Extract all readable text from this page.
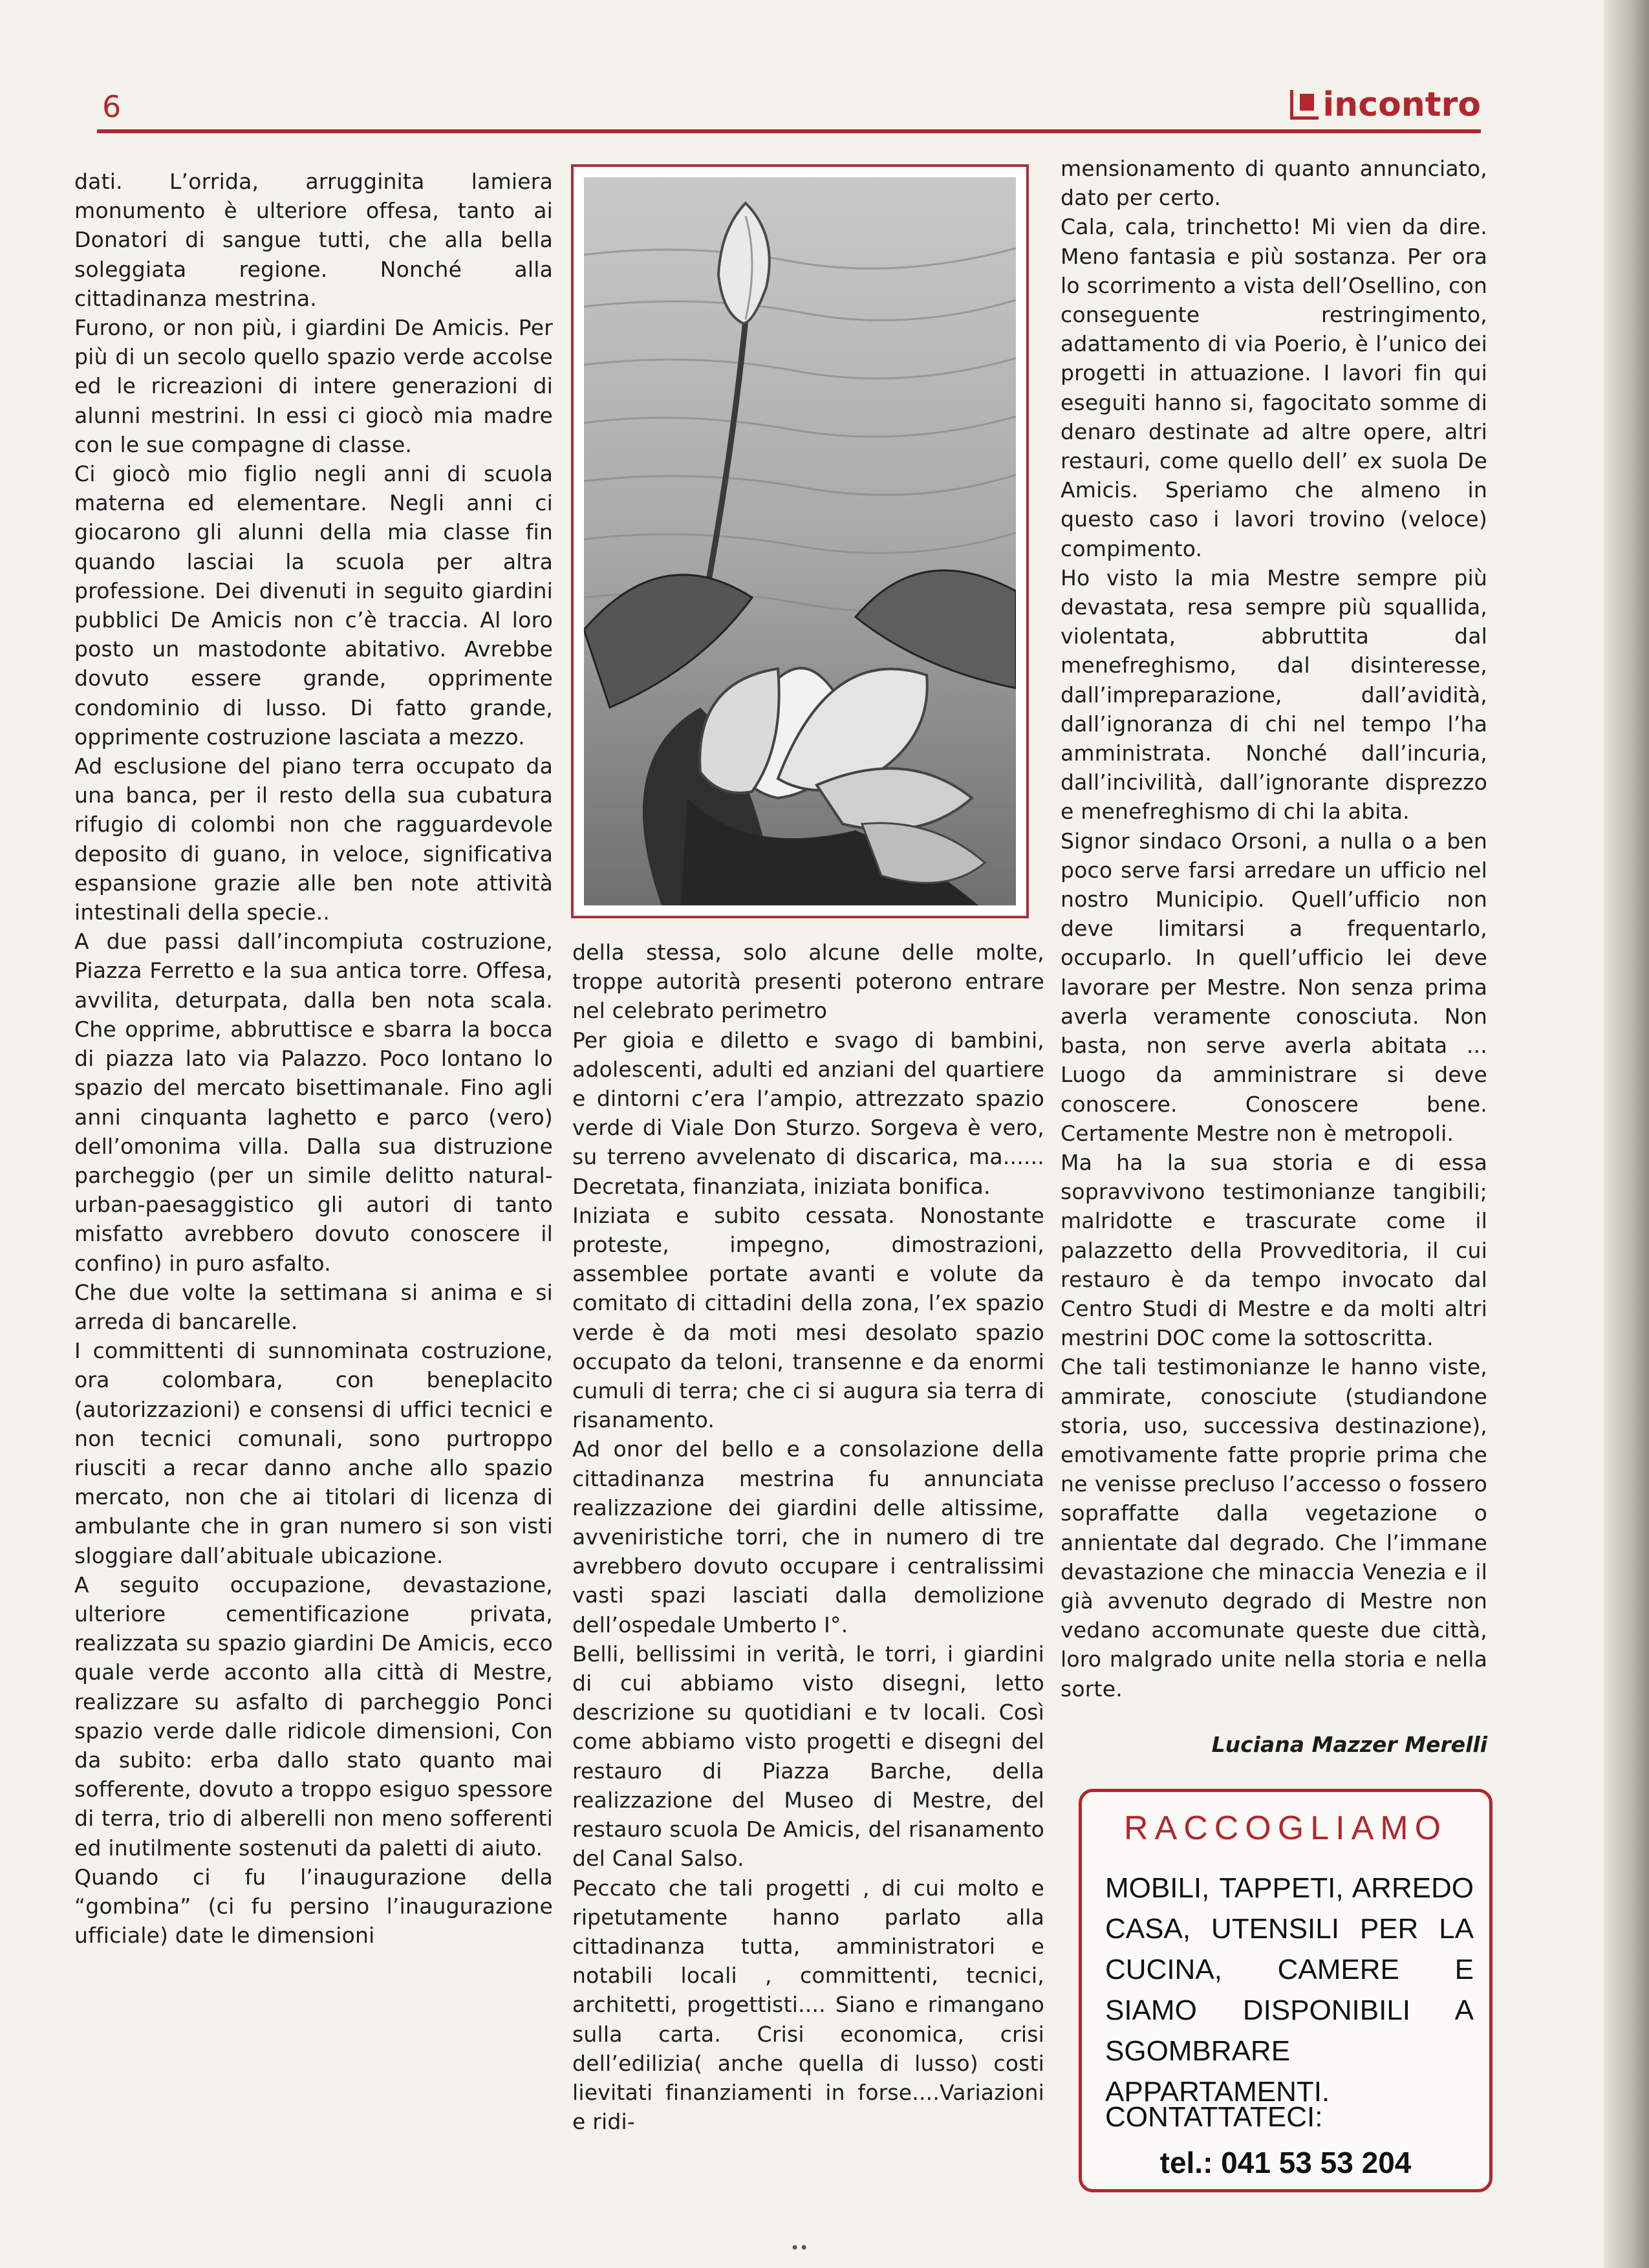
6	incontro

dati. L’orrida, arrugginita lamiera monumento è ulteriore offesa, tanto ai Donatori di sangue tutti, che alla bella soleggiata regione. Nonché alla cittadinanza mestrina.

Furono, or non più, i giardini De Amicis. Per più di un secolo quello spazio verde accolse ed le ricreazioni di intere generazioni di alunni mestrini. In essi ci giocò mia madre con le sue compagne di classe.

Ci giocò mio figlio negli anni di scuola materna ed elementare. Negli anni ci giocarono gli alunni della mia classe fin quando lasciai la scuola per altra professione. Dei divenuti in seguito giardini pubblici De Amicis non c’è traccia. Al loro posto un mastodonte abitativo. Avrebbe dovuto essere grande, opprimente condominio di lusso. Di fatto grande, opprimente costruzione lasciata a mezzo.

Ad esclusione del piano terra occupato da una banca, per il resto della sua cubatura rifugio di colombi non che ragguardevole deposito di guano, in veloce, significativa espansione grazie alle ben note attività intestinali della specie..

A due passi dall’incompiuta costruzione, Piazza Ferretto e la sua antica torre. Offesa, avvilita, deturpata, dalla ben nota scala. Che opprime, abbruttisce e sbarra la bocca di piazza lato via Palazzo. Poco lontano lo spazio del mercato bisettimanale. Fino agli anni cinquanta laghetto e parco (vero) dell’omonima villa. Dalla sua distruzione parcheggio (per un simile delitto natural-urban-paesaggistico gli autori di tanto misfatto avrebbero dovuto conoscere il confino) in puro asfalto.

Che due volte la settimana si anima e si arreda di bancarelle.

I committenti di sunnominata costruzione, ora colombara, con beneplacito (autorizzazioni) e consensi di uffici tecnici e non tecnici comunali, sono purtroppo riusciti a recar danno anche allo spazio mercato, non che ai titolari di licenza di ambulante che in gran numero si son visti sloggiare dall’abituale ubicazione.

A seguito occupazione, devastazione, ulteriore cementificazione privata, realizzata su spazio giardini De Amicis, ecco quale verde acconto alla città di Mestre, realizzare su asfalto di parcheggio Ponci spazio verde dalle ridicole dimensioni, Con da subito: erba dallo stato quanto mai sofferente, dovuto a troppo esiguo spessore di terra, trio di alberelli non meno sofferenti ed inutilmente sostenuti da paletti di aiuto.

Quando ci fu l’inaugurazione della “gombina” (ci fu persino l’inaugurazione ufficiale) date le dimensioni

della stessa, solo alcune delle molte, troppe autorità presenti poterono entrare nel celebrato perimetro

Per gioia e diletto e svago di bambini, adolescenti, adulti ed anziani del quartiere e dintorni c’era l’ampio, attrezzato spazio verde di Viale Don Sturzo. Sorgeva è vero, su terreno avvelenato di discarica, ma...... Decretata, finanziata, iniziata bonifica.

Iniziata e subito cessata. Nonostante proteste, impegno, dimostrazioni, assemblee portate avanti e volute da comitato di cittadini della zona, l’ex spazio verde è da moti mesi desolato spazio occupato da teloni, transenne e da enormi cumuli di terra; che ci si augura sia terra di risanamento.

Ad onor del bello e a consolazione della cittadinanza mestrina fu annunciata realizzazione dei giardini delle altissime, avveniristiche torri, che in numero di tre avrebbero dovuto occupare i centralissimi vasti spazi lasciati dalla demolizione dell’ospedale Umberto I°.

Belli, bellissimi in verità, le torri, i giardini di cui abbiamo visto disegni, letto descrizione su quotidiani e tv locali. Così come abbiamo visto progetti e disegni del restauro di Piazza Barche, della realizzazione del Museo di Mestre, del restauro scuola De Amicis, del risanamento del Canal Salso.

Peccato che tali progetti , di cui molto e ripetutamente hanno parlato alla cittadinanza tutta, amministratori e notabili locali , committenti, tecnici, architetti, progettisti.... Siano e rimangano sulla carta. Crisi economica, crisi dell’edilizia( anche quella di lusso) costi lievitati finanziamenti in forse....Variazioni e ridi-

mensionamento di quanto annunciato, dato per certo.

Cala, cala, trinchetto! Mi vien da dire. Meno fantasia e più sostanza. Per ora lo scorrimento a vista dell’Osellino, con conseguente restringimento, adattamento di via Poerio, è l’unico dei progetti in attuazione. I lavori fin qui eseguiti hanno si, fagocitato somme di denaro destinate ad altre opere, altri restauri, come quello dell’ ex suola De Amicis. Speriamo che almeno in questo caso i lavori trovino (veloce) compimento.

Ho visto la mia Mestre sempre più devastata, resa sempre più squallida, violentata, abbruttita dal menefreghismo, dal disinteresse, dall’impreparazione, dall’avidità, dall’ignoranza di chi nel tempo l’ha amministrata. Nonché dall’incuria, dall’incivilità, dall’ignorante disprezzo e menefreghismo di chi la abita.

Signor sindaco Orsoni, a nulla o a ben poco serve farsi arredare un ufficio nel nostro Municipio. Quell’ufficio non deve limitarsi a frequentarlo, occuparlo. In quell’ufficio lei deve lavorare per Mestre. Non senza prima averla veramente conosciuta. Non basta, non serve averla abitata ... Luogo da amministrare si deve conoscere. Conoscere bene. Certamente Mestre non è metropoli.

Ma ha la sua storia e di essa sopravvivono testimonianze tangibili; malridotte e trascurate come il palazzetto della Provveditoria, il cui restauro è da tempo invocato dal Centro Studi di Mestre e da molti altri mestrini DOC come la sottoscritta.

Che tali testimonianze le hanno viste, ammirate, conosciute (studiandone storia, uso, successiva destinazione), emotivamente fatte proprie prima che ne venisse precluso l’accesso o fossero sopraffatte dalla vegetazione o annientate dal degrado. Che l’immane devastazione che minaccia Venezia e il già avvenuto degrado di Mestre non vedano accomunate queste due città, loro malgrado unite nella storia e nella sorte.

Luciana Mazzer Merelli
RACCOGLIAMO
MOBILI, TAPPETI, ARREDO CASA, UTENSILI PER LA CUCINA, CAMERE E SIAMO DISPONIBILI A SGOMBRARE APPARTAMENTI.
CONTATTATECI:
tel.: 041 53 53 204
••
